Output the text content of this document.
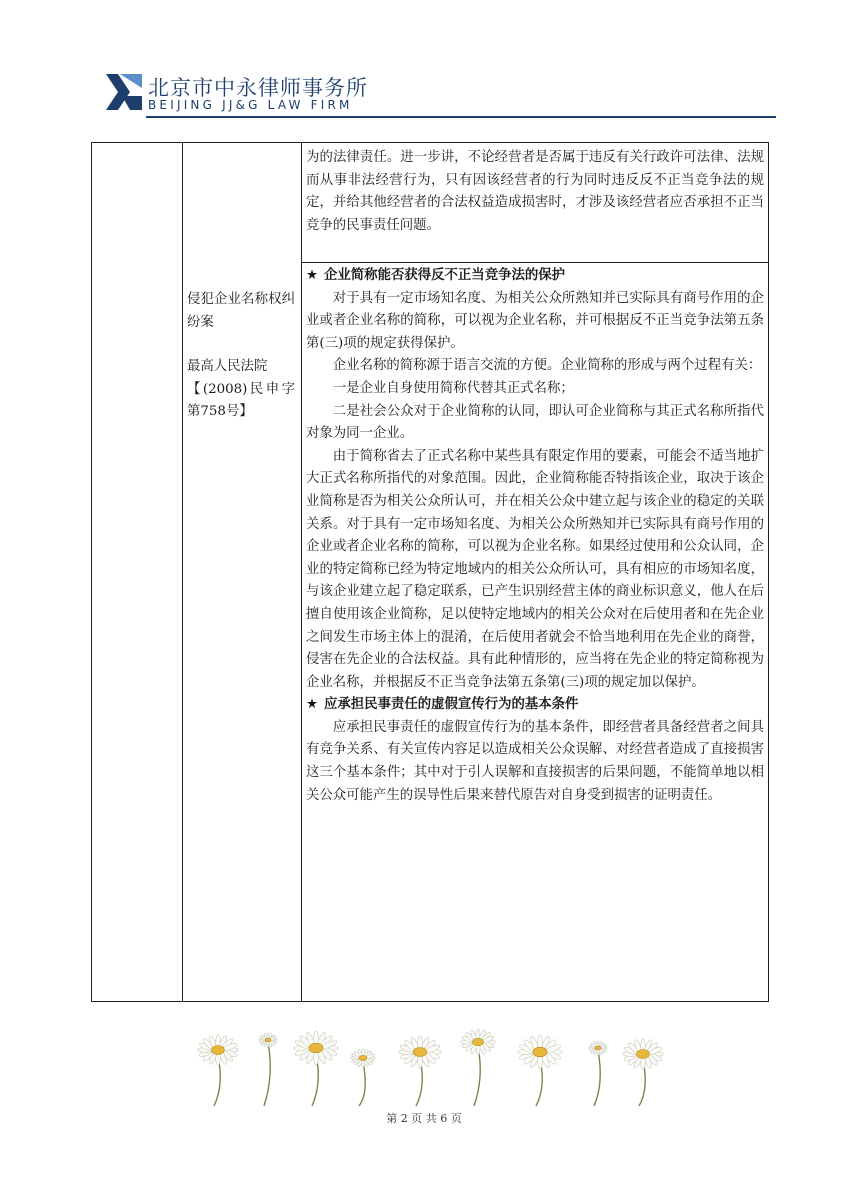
北京市中永律师事务所
BEIJING JJ&G LAW FIRM

为的法律责任。进一步讲，不论经营者是否属于违反有关行政许可法律、法规而从事非法经营行为，只有因该经营者的行为同时违反反不正当竞争法的规定，并给其他经营者的合法权益造成损害时，才涉及该经营者应否承担不正当竞争的民事责任问题。

侵犯企业名称权纠纷案

最高人民法院

【(2008)民申字第758号】

★ 企业简称能否获得反不正当竞争法的保护

对于具有一定市场知名度、为相关公众所熟知并已实际具有商号作用的企业或者企业名称的简称，可以视为企业名称，并可根据反不正当竞争法第五条第(三)项的规定获得保护。

企业名称的简称源于语言交流的方便。企业简称的形成与两个过程有关：

一是企业自身使用简称代替其正式名称；

二是社会公众对于企业简称的认同，即认可企业简称与其正式名称所指代对象为同一企业。

由于简称省去了正式名称中某些具有限定作用的要素，可能会不适当地扩大正式名称所指代的对象范围。因此，企业简称能否特指该企业，取决于该企业简称是否为相关公众所认可，并在相关公众中建立起与该企业的稳定的关联关系。对于具有一定市场知名度、为相关公众所熟知并已实际具有商号作用的企业或者企业名称的简称，可以视为企业名称。如果经过使用和公众认同，企业的特定简称已经为特定地域内的相关公众所认可，具有相应的市场知名度，与该企业建立起了稳定联系，已产生识别经营主体的商业标识意义，他人在后擅自使用该企业简称，足以使特定地域内的相关公众对在后使用者和在先企业之间发生市场主体上的混淆，在后使用者就会不恰当地利用在先企业的商誉，侵害在先企业的合法权益。具有此种情形的，应当将在先企业的特定简称视为企业名称，并根据反不正当竞争法第五条第(三)项的规定加以保护。

★ 应承担民事责任的虚假宣传行为的基本条件

应承担民事责任的虚假宣传行为的基本条件，即经营者具备经营者之间具有竞争关系、有关宣传内容足以造成相关公众误解、对经营者造成了直接损害这三个基本条件；其中对于引人误解和直接损害的后果问题，不能简单地以相关公众可能产生的误导性后果来替代原告对自身受到损害的证明责任。

第 2 页 共 6 页
